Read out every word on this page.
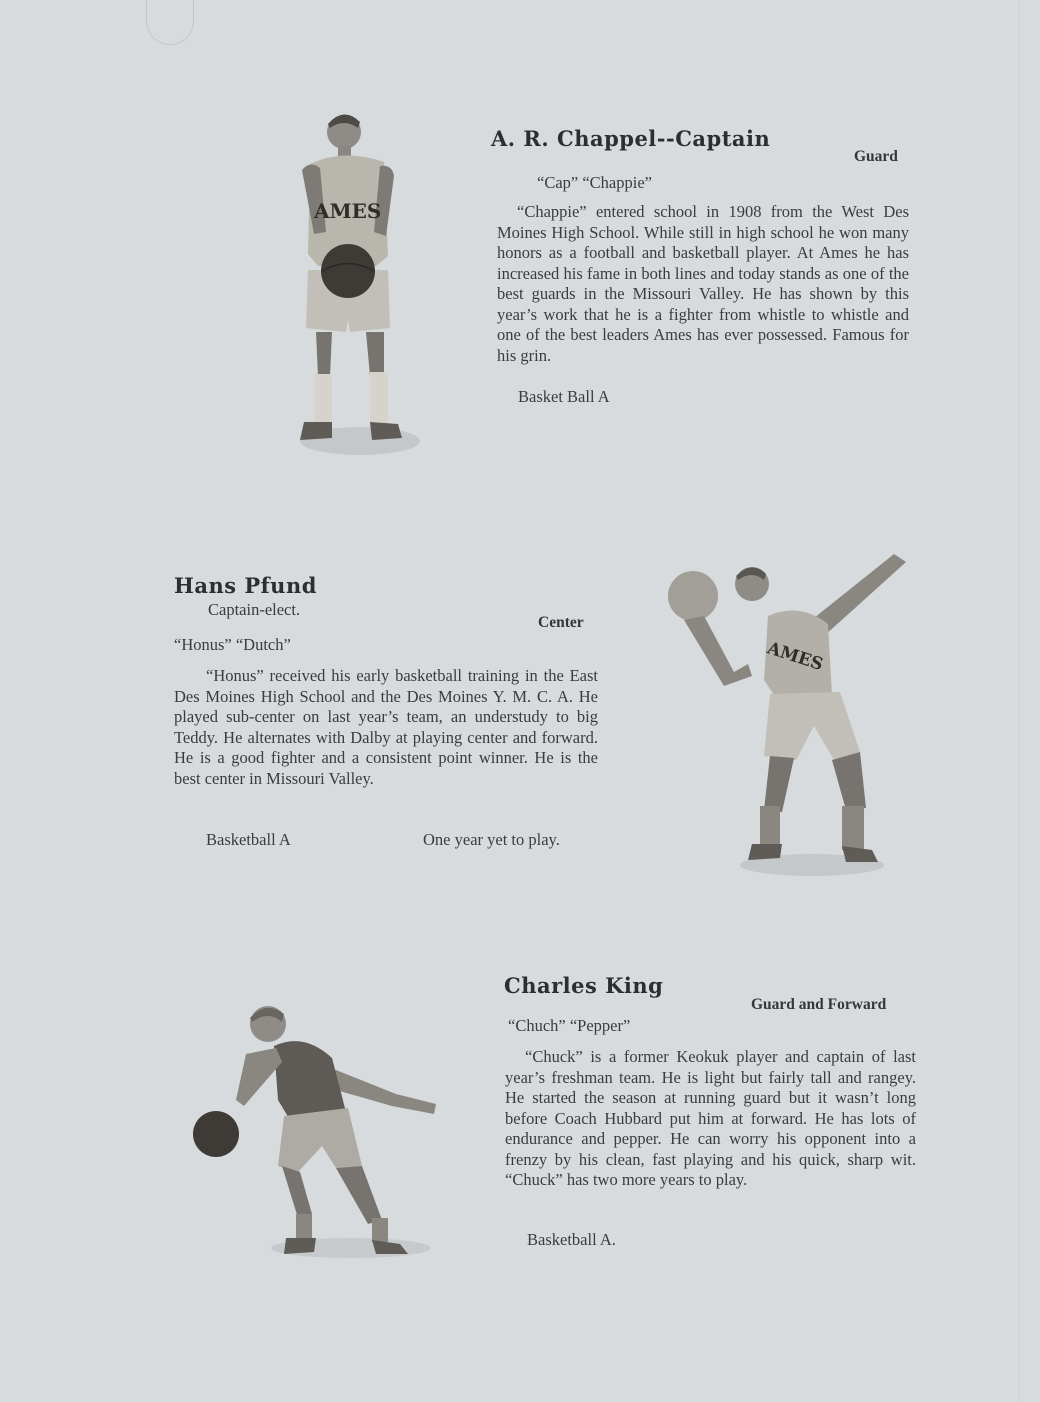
AMES

A. R. Chappel--Captain

Guard

“Cap” “Chappie”

“Chappie” entered school in 1908 from the West Des Moines High School. While still in high school he won many honors as a football and basketball player. At Ames he has increased his fame in both lines and today stands as one of the best guards in the Missouri Valley. He has shown by this year’s work that he is a fighter from whistle to whistle and one of the best leaders Ames has ever possessed. Famous for his grin.

Basket Ball A

Hans Pfund

Captain-elect.

Center

“Honus” “Dutch”

“Honus” received his early basketball training in the East Des Moines High School and the Des Moines Y. M. C. A. He played sub-center on last year’s team, an understudy to big Teddy. He alternates with Dalby at playing center and forward. He is a good fighter and a consistent point winner. He is the best center in Missouri Valley.

Basketball A	One year yet to play.

AMES

Charles King

Guard and Forward

“Chuch” “Pepper”

“Chuck” is a former Keokuk player and captain of last year’s freshman team. He is light but fairly tall and rangey. He started the season at running guard but it wasn’t long before Coach Hubbard put him at forward. He has lots of endurance and pepper. He can worry his opponent into a frenzy by his clean, fast playing and his quick, sharp wit. “Chuck” has two more years to play.

Basketball A.
